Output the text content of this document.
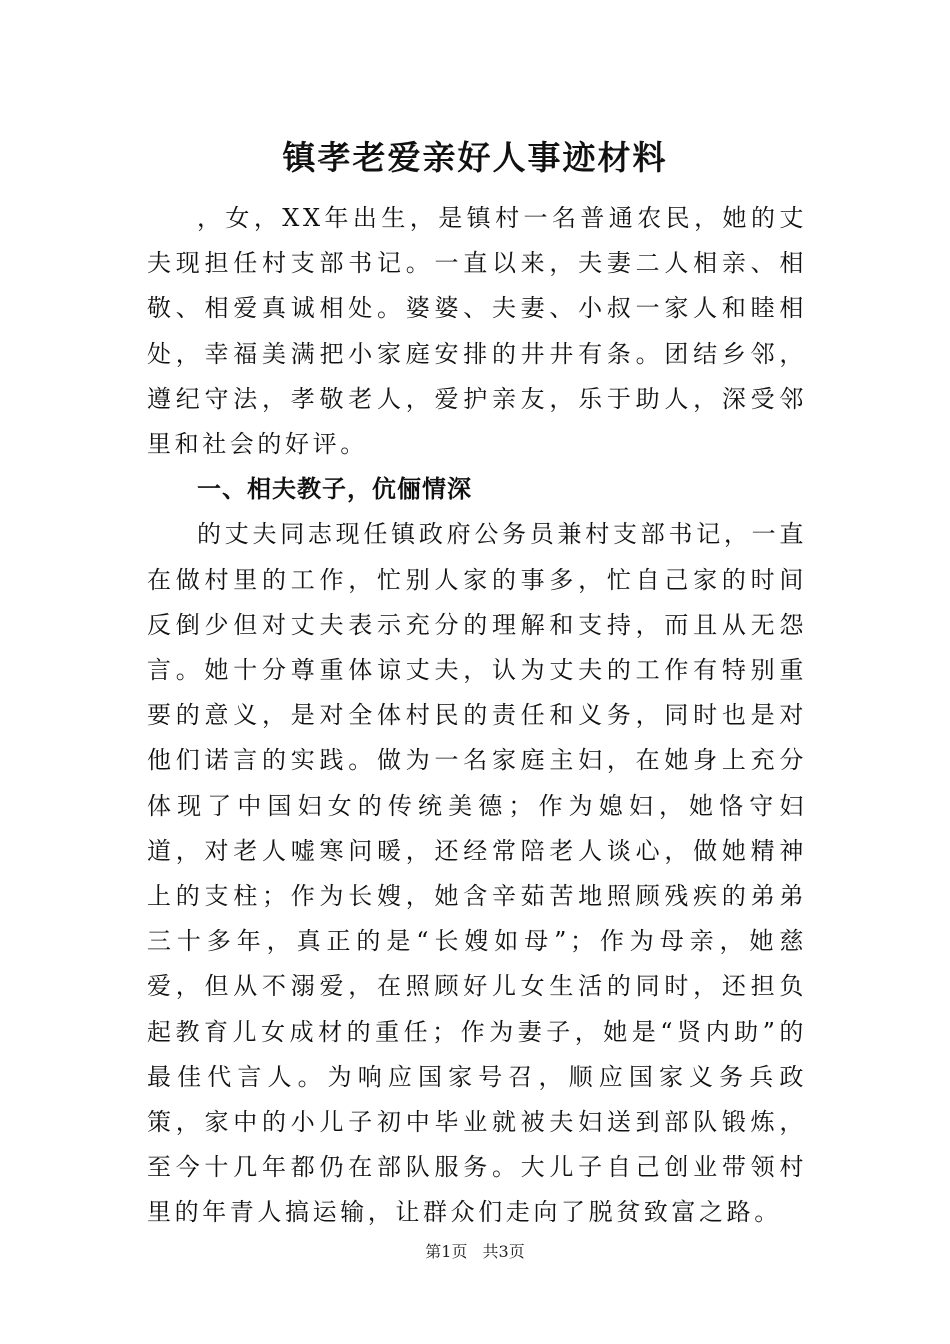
镇孝老爱亲好人事迹材料

，女，XX年出生，是镇村一名普通农民，她的丈夫现担任村支部书记。一直以来，夫妻二人相亲、相敬、相爱真诚相处。婆婆、夫妻、小叔一家人和睦相处，幸福美满把小家庭安排的井井有条。团结乡邻，遵纪守法，孝敬老人，爱护亲友，乐于助人，深受邻里和社会的好评。

一、相夫教子，伉俪情深

的丈夫同志现任镇政府公务员兼村支部书记，一直在做村里的工作，忙别人家的事多，忙自己家的时间反倒少但对丈夫表示充分的理解和支持，而且从无怨言。她十分尊重体谅丈夫，认为丈夫的工作有特别重要的意义，是对全体村民的责任和义务，同时也是对他们诺言的实践。做为一名家庭主妇，在她身上充分体现了中国妇女的传统美德；作为媳妇，她恪守妇道，对老人嘘寒问暖，还经常陪老人谈心，做她精神上的支柱；作为长嫂，她含辛茹苦地照顾残疾的弟弟三十多年，真正的是“长嫂如母”；作为母亲，她慈爱，但从不溺爱，在照顾好儿女生活的同时，还担负起教育儿女成材的重任；作为妻子，她是“贤内助”的最佳代言人。为响应国家号召，顺应国家义务兵政策，家中的小儿子初中毕业就被夫妇送到部队锻炼，至今十几年都仍在部队服务。大儿子自己创业带领村里的年青人搞运输，让群众们走向了脱贫致富之路。

第1页 共3页
